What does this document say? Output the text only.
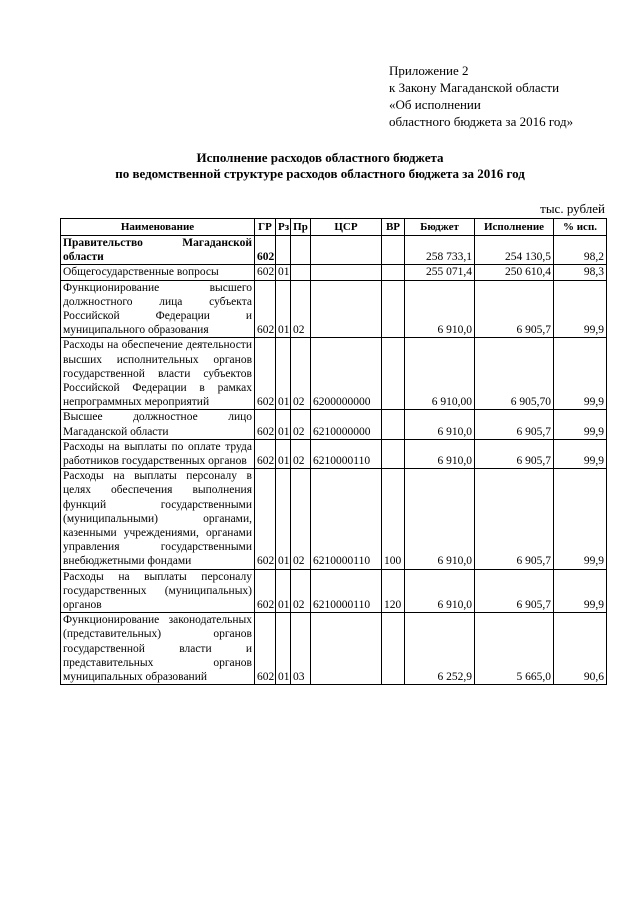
Приложение 2
к Закону Магаданской области
«Об исполнении
областного бюджета за 2016 год»
Исполнение расходов областного бюджета
по ведомственной структуре расходов областного бюджета за 2016 год
тыс. рублей
Наименование	ГР	Рз	Пр	ЦСР	ВР	Бюджет	Исполнение	% исп.
Правительство Магаданской области	602					258 733,1	254 130,5	98,2
Общегосударственные вопросы	602	01				255 071,4	250 610,4	98,3
Функционирование высшего должностного лица субъекта Российской Федерации и муниципального образования	602	01	02			6 910,0	6 905,7	99,9
Расходы на обеспечение деятельности высших исполнительных органов государственной власти субъектов Российской Федерации в рамках непрограммных мероприятий	602	01	02	6200000000		6 910,00	6 905,70	99,9
Высшее должностное лицо Магаданской области	602	01	02	6210000000		6 910,0	6 905,7	99,9
Расходы на выплаты по оплате труда работников государственных органов	602	01	02	6210000110		6 910,0	6 905,7	99,9
Расходы на выплаты персоналу в целях обеспечения выполнения функций государственными (муниципальными) органами, казенными учреждениями, органами управления государственными внебюджетными фондами	602	01	02	6210000110	100	6 910,0	6 905,7	99,9
Расходы на выплаты персоналу государственных (муниципальных) органов	602	01	02	6210000110	120	6 910,0	6 905,7	99,9
Функционирование законодательных (представительных) органов государственной власти и представительных органов муниципальных образований	602	01	03			6 252,9	5 665,0	90,6
